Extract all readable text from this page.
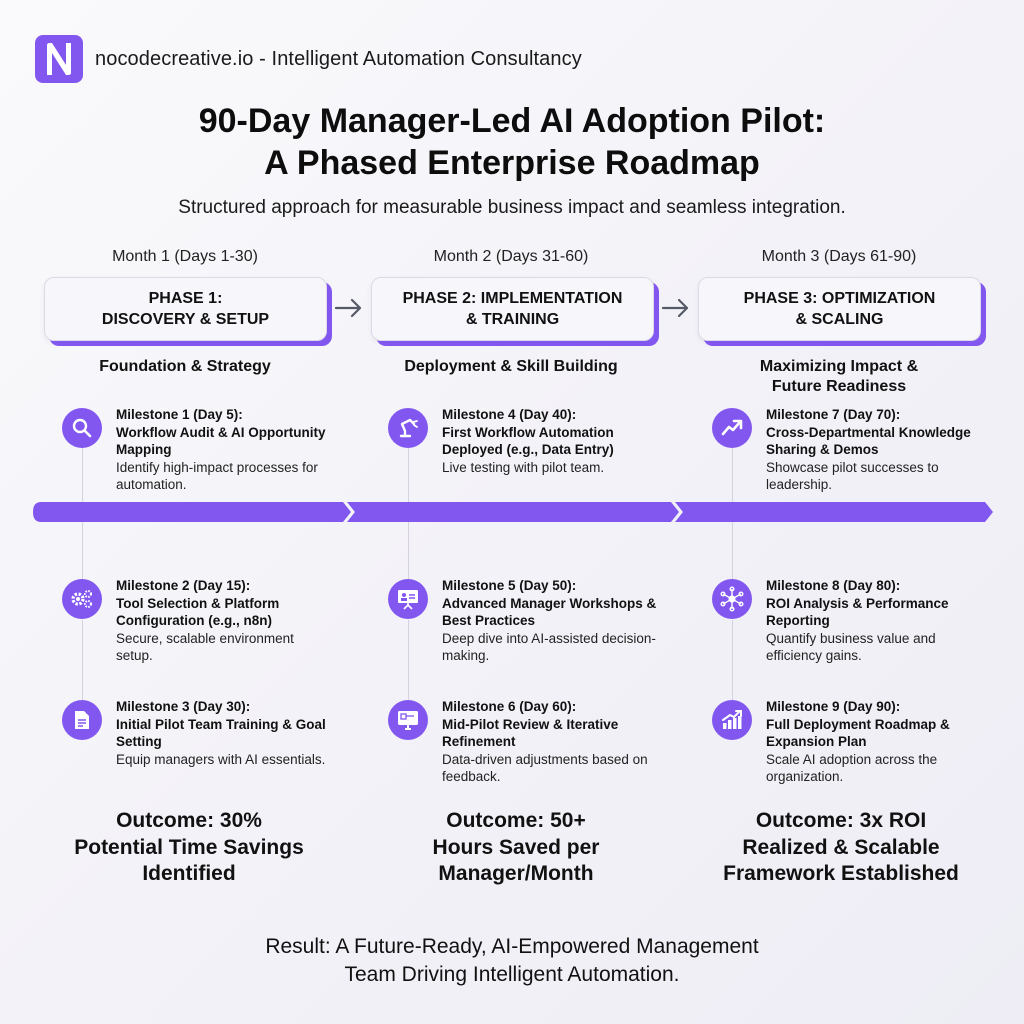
nocodecreative.io - Intelligent Automation Consultancy
90-Day Manager-Led AI Adoption Pilot:
A Phased Enterprise Roadmap
Structured approach for measurable business impact and seamless integration.
Month 1 (Days 1-30)	Month 2 (Days 31-60)	Month 3 (Days 61-90)
PHASE 1:
DISCOVERY & SETUP
PHASE 2: IMPLEMENTATION
& TRAINING
PHASE 3: OPTIMIZATION
& SCALING
Foundation & Strategy	Deployment & Skill Building	Maximizing Impact &
Future Readiness
Milestone 1 (Day 5):
Workflow Audit & AI Opportunity Mapping
Identify high-impact processes for automation.
Milestone 2 (Day 15):
Tool Selection & Platform Configuration (e.g., n8n)
Secure, scalable environment setup.
Milestone 3 (Day 30):
Initial Pilot Team Training & Goal Setting
Equip managers with AI essentials.
Milestone 4 (Day 40):
First Workflow Automation Deployed (e.g., Data Entry)
Live testing with pilot team.
Milestone 5 (Day 50):
Advanced Manager Workshops & Best Practices
Deep dive into AI-assisted decision-making.
Milestone 6 (Day 60):
Mid-Pilot Review & Iterative Refinement
Data-driven adjustments based on feedback.
Milestone 7 (Day 70):
Cross-Departmental Knowledge Sharing & Demos
Showcase pilot successes to leadership.
Milestone 8 (Day 80):
ROI Analysis & Performance Reporting
Quantify business value and efficiency gains.
Milestone 9 (Day 90):
Full Deployment Roadmap & Expansion Plan
Scale AI adoption across the organization.
Outcome: 30%
Potential Time Savings
Identified
Outcome: 50+
Hours Saved per
Manager/Month
Outcome: 3x ROI
Realized & Scalable
Framework Established
Result: A Future-Ready, AI-Empowered Management
Team Driving Intelligent Automation.
